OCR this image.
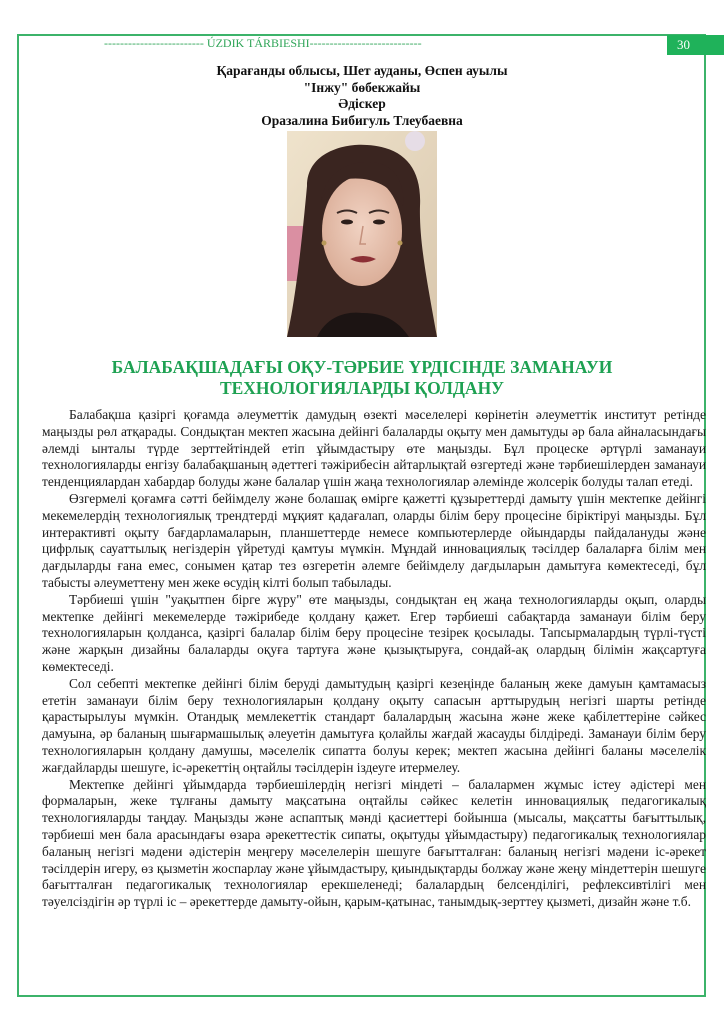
------------------------- ÚZDIK TÁRBIESHI----------------------------	30
Қарағанды облысы, Шет ауданы, Өспен ауылы
"Інжу" бөбекжайы
Әдіскер
Оразалина Бибигуль Тлеубаевна
БАЛАБАҚШАДАҒЫ ОҚУ-ТӘРБИЕ ҮРДІСІНДЕ ЗАМАНАУИ
ТЕХНОЛОГИЯЛАРДЫ ҚОЛДАНУ

Балабақша қазіргі қоғамда әлеуметтік дамудың өзекті мәселелері көрінетін әлеуметтік институт ретінде маңызды рөл атқарады. Сондықтан мектеп жасына дейінгі балаларды оқыту мен дамытуды әр бала айналасындағы әлемді ынталы түрде зерттейтіндей етіп ұйымдастыру өте маңызды. Бұл процеске әртүрлі заманауи технологияларды енгізу балабақшаның әдеттегі тәжірибесін айтарлықтай өзгертеді және тәрбиешілерден заманауи тенденциялардан хабардар болуды және балалар үшін жаңа технологиялар әлемінде жолсерік болуды талап етеді.

Өзгермелі қоғамға сәтті бейімделу және болашақ өмірге қажетті құзыреттерді дамыту үшін мектепке дейінгі мекемелердің технологиялық трендтерді мұқият қадағалап, оларды білім беру процесіне біріктіруі маңызды. Бұл интерактивті оқыту бағдарламаларын, планшеттерде немесе компьютерлерде ойындарды пайдалануды және цифрлық сауаттылық негіздерін үйретуді қамтуы мүмкін. Мұндай инновациялық тәсілдер балаларға білім мен дағдыларды ғана емес, сонымен қатар тез өзгеретін әлемге бейімделу дағдыларын дамытуға көмектеседі, бұл табысты әлеуметтену мен жеке өсудің кілті болып табылады.

Тәрбиеші үшін "уақытпен бірге жүру" өте маңызды, сондықтан ең жаңа технологияларды оқып, оларды мектепке дейінгі мекемелерде тәжірибеде қолдану қажет. Егер тәрбиеші сабақтарда заманауи білім беру технологияларын қолданса, қазіргі балалар білім беру процесіне тезірек қосылады. Тапсырмалардың түрлі-түсті және жарқын дизайны балаларды оқуға тартуға және қызықтыруға, сондай-ақ олардың білімін жақсартуға көмектеседі.

Сол себепті мектепке дейінгі білім беруді дамытудың қазіргі кезеңінде баланың жеке дамуын қамтамасыз ететін заманауи білім беру технологияларын қолдану оқыту сапасын арттырудың негізгі шарты ретінде қарастырылуы мүмкін. Отандық мемлекеттік стандарт балалардың жасына және жеке қабілеттеріне сәйкес дамуына, әр баланың шығармашылық әлеуетін дамытуға қолайлы жағдай жасауды білдіреді. Заманауи білім беру технологияларын қолдану дамушы, мәселелік сипатта болуы керек; мектеп жасына дейінгі баланы мәселелік жағдайларды шешуге, іс-әрекеттің оңтайлы тәсілдерін іздеуге итермелеу.

Мектепке дейінгі ұйымдарда тәрбиешілердің негізгі міндеті – балалармен жұмыс істеу әдістері мен формаларын, жеке тұлғаны дамыту мақсатына оңтайлы сәйкес келетін инновациялық педагогикалық технологияларды таңдау. Маңызды және аспаптық мәнді қасиеттері бойынша (мысалы, мақсатты бағыттылық, тәрбиеші мен бала арасындағы өзара әрекеттестік сипаты, оқытуды ұйымдастыру) педагогикалық технологиялар баланың негізгі мәдени әдістерін меңгеру мәселелерін шешуге бағытталған: баланың негізгі мәдени іс-әрекет тәсілдерін игеру, өз қызметін жоспарлау және ұйымдастыру, қиындықтарды болжау және жеңу міндеттерін шешуге бағытталған педагогикалық технологиялар ерекшеленеді; балалардың белсенділігі, рефлексивтілігі мен тәуелсіздігін әр түрлі іс – әрекеттерде дамыту-ойын, қарым-қатынас, танымдық-зерттеу қызметі, дизайн және т.б.
